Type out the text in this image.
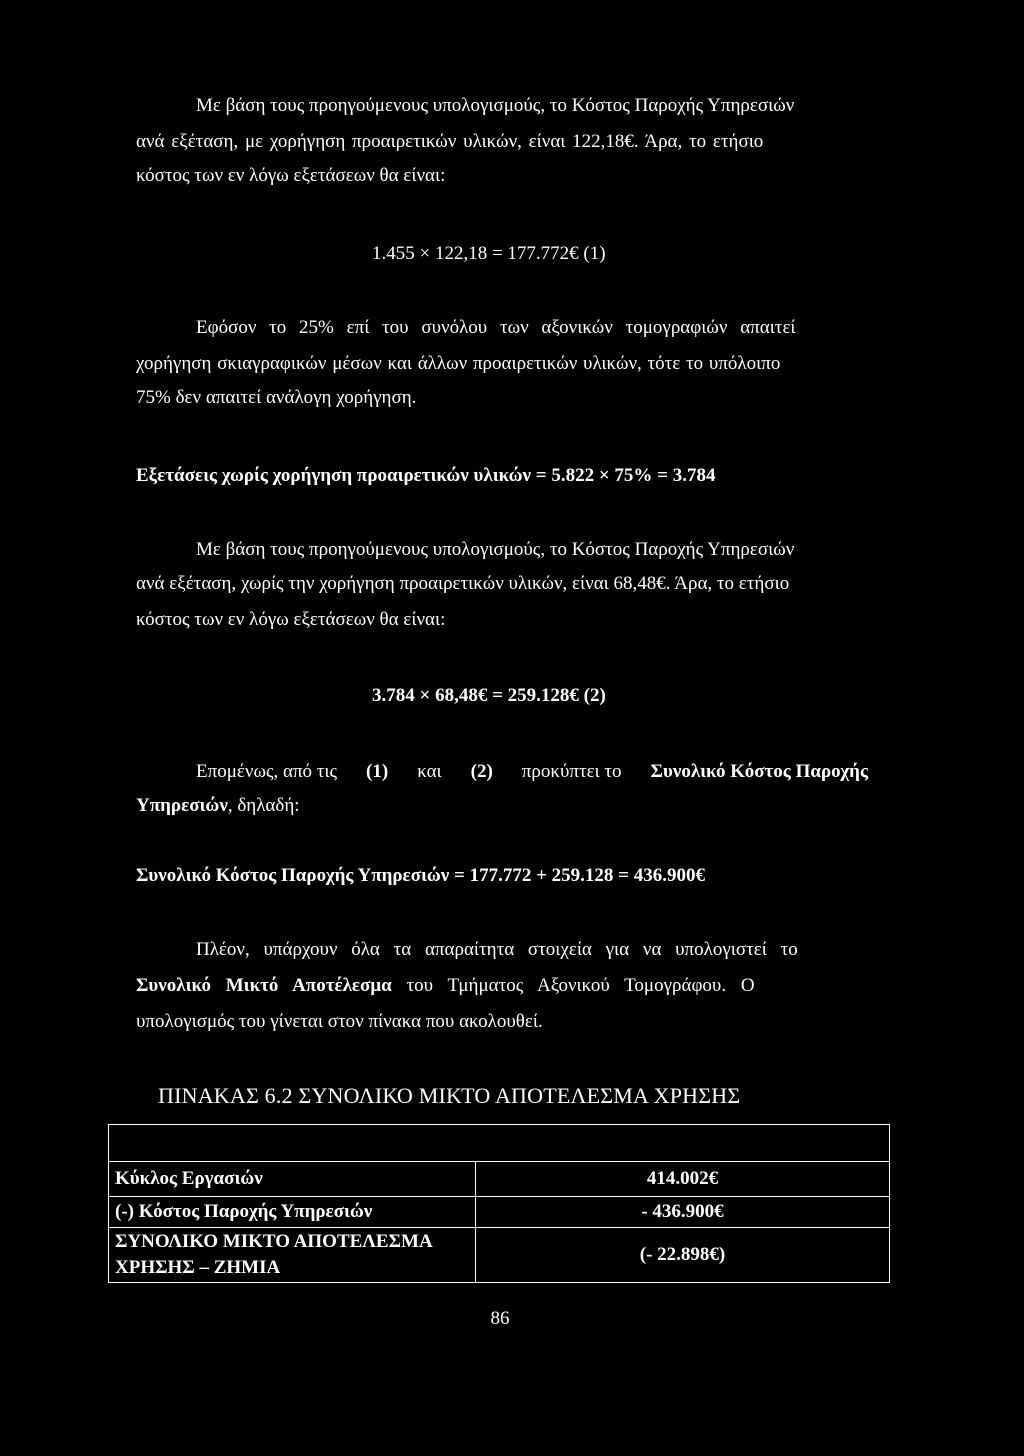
Με βάση τους προηγούμενους υπολογισμούς, το Κόστος Παροχής Υπηρεσιών
ανά εξέταση, με χορήγηση προαιρετικών υλικών, είναι 122,18€. Άρα, το ετήσιο
κόστος των εν λόγω εξετάσεων θα είναι:
1.455 × 122,18 = 177.772€ (1)
Εφόσον το 25% επί του συνόλου των αξονικών τομογραφιών απαιτεί
χορήγηση σκιαγραφικών μέσων και άλλων προαιρετικών υλικών, τότε το υπόλοιπο
75% δεν απαιτεί ανάλογη χορήγηση.
Εξετάσεις χωρίς χορήγηση προαιρετικών υλικών = 5.822 × 75% = 3.784
Με βάση τους προηγούμενους υπολογισμούς, το Κόστος Παροχής Υπηρεσιών
ανά εξέταση, χωρίς την χορήγηση προαιρετικών υλικών, είναι 68,48€. Άρα, το ετήσιο
κόστος των εν λόγω εξετάσεων θα είναι:
3.784 × 68,48€ = 259.128€ (2)
Επομένως, από τις (1) και (2) προκύπτει το Συνολικό Κόστος Παροχής
Υπηρεσιών, δηλαδή:
Συνολικό Κόστος Παροχής Υπηρεσιών = 177.772 + 259.128 = 436.900€
Πλέον, υπάρχουν όλα τα απαραίτητα στοιχεία για να υπολογιστεί το
Συνολικό Μικτό Αποτέλεσμα του Τμήματος Αξονικού Τομογράφου. Ο
υπολογισμός του γίνεται στον πίνακα που ακολουθεί.
ΠΙΝΑΚΑΣ 6.2 ΣΥΝΟΛΙΚΟ ΜΙΚΤΟ ΑΠΟΤΕΛΕΣΜΑ ΧΡΗΣΗΣ

Κύκλος Εργασιών	414.002€
(-) Κόστος Παροχής Υπηρεσιών	- 436.900€
ΣΥΝΟΛΙΚΟ ΜΙΚΤΟ ΑΠΟΤΕΛΕΣΜΑ ΧΡΗΣΗΣ – ΖΗΜΙΑ	(- 22.898€)
86
